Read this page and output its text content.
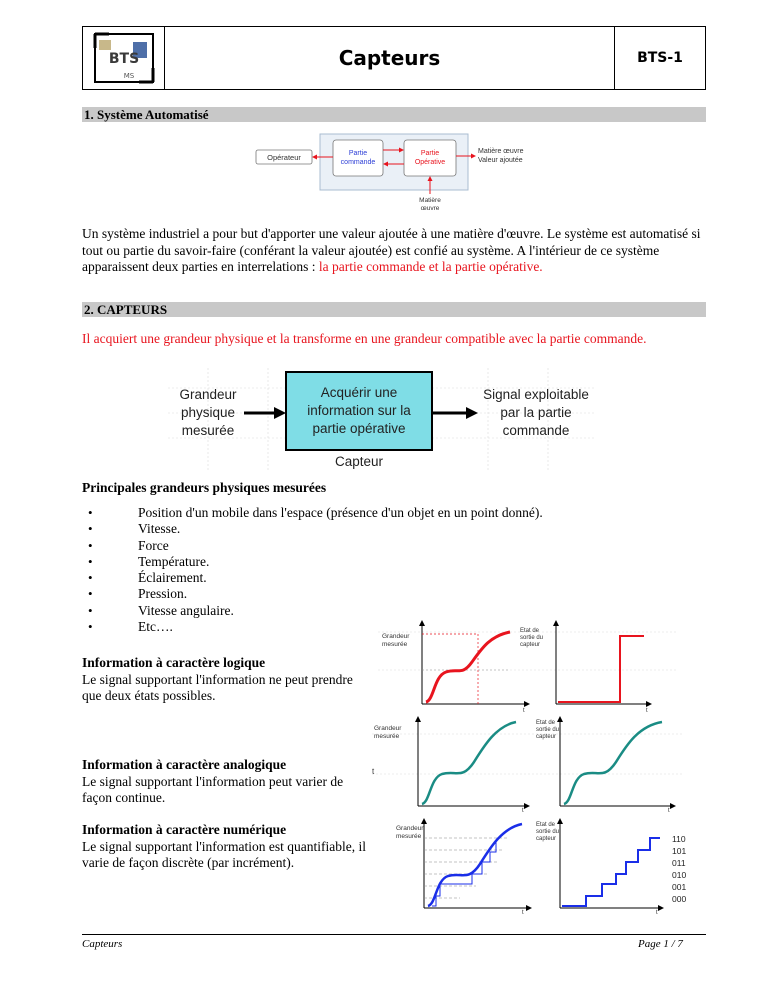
BTS
MS
Capteurs	BTS-1
1. Système Automatisé
Opérateur	Partie
commande
Partie
Opérative
Matière œuvre
Valeur ajoutée
Matière
œuvre
Un système industriel a pour but d'apporter une valeur ajoutée à une matière d'œuvre. Le système est automatisé si tout ou partie du savoir-faire (conférant la valeur ajoutée) est confié au système. A l'intérieur de ce système apparaissent deux parties en interrelations : la partie commande et la partie opérative.
2. CAPTEURS
Il acquiert une grandeur physique et la transforme en une grandeur compatible avec la partie commande.
Grandeur
physique
mesurée
Acquérir une
information sur la
partie opérative
Signal exploitable
par la partie
commande
Capteur
Principales grandeurs physiques mesurées
• Position d'un mobile dans l'espace (présence d'un objet en un point donné).
• Vitesse.
• Force
• Température.
• Éclairement.
• Pression.
• Vitesse angulaire.
• Etc….
Information à caractère logique
Le signal supportant l'information ne peut prendre que deux états possibles.
Information à caractère analogique
Le signal supportant l'information peut varier de façon continue.
Information à caractère numérique
Le signal supportant l'information est quantifiable, il varie de façon discrète (par incrément).
Grandeur
mesurée
t
Etat de
sortie du
capteur
t
Grandeur
mesurée
t
t
Etat de
sortie du
capteur
t
Grandeur
mesurée
t
Etat de
sortie du
capteur
t
110
101
011
010
001
000
Capteurs	Page 1 / 7
